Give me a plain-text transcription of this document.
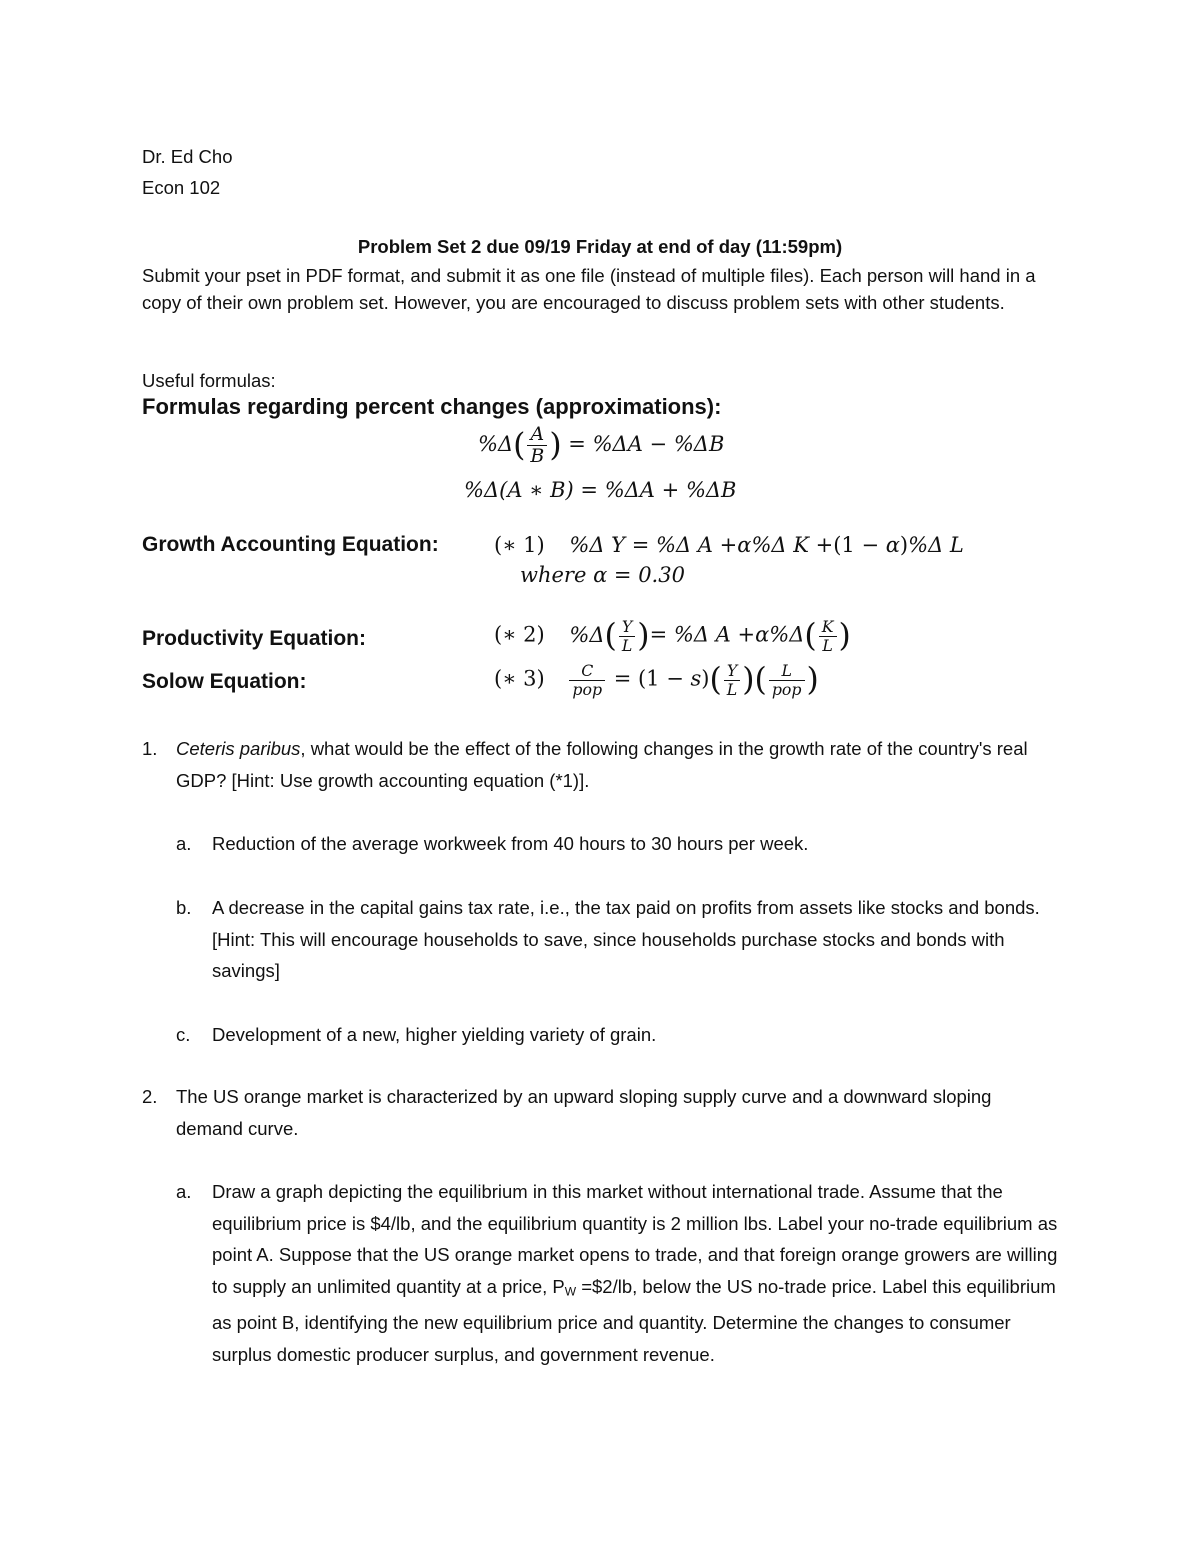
Dr. Ed Cho
Econ 102
Problem Set 2 due 09/19 Friday at end of day (11:59pm)
Submit your pset in PDF format, and submit it as one file (instead of multiple files). Each person will hand in a copy of their own problem set. However, you are encouraged to discuss problem sets with other students.
Useful formulas:
Formulas regarding percent changes (approximations):
$\%\Delta( \frac{A}{B}$ ) = %ΔA − %ΔB
%Δ(A ∗ B) = %ΔA + %ΔB
Growth Accounting Equation:	(∗ 1) %Δ Y = %Δ A +α%Δ K +(1 − α)%Δ L
where α = 0.30
Productivity Equation:	(∗ 2) $\%\Delta( \frac{Y}{L}$ )= %Δ $A +\alpha\%\Delta( \frac{K}{L}$ )
Solow Equation:	(∗ $3) \frac{C}{\text{pop}} = (1 - s)( \frac{Y}{L}$ )( $\frac{L}{\text{pop}}$ )
1. Ceteris paribus, what would be the effect of the following changes in the growth rate of the country's real GDP? [Hint: Use growth accounting equation (*1)].
a. Reduction of the average workweek from 40 hours to 30 hours per week.
b. A decrease in the capital gains tax rate, i.e., the tax paid on profits from assets like stocks and bonds. [Hint: This will encourage households to save, since households purchase stocks and bonds with savings]
c. Development of a new, higher yielding variety of grain.
2. The US orange market is characterized by an upward sloping supply curve and a downward sloping demand curve.
a. Draw a graph depicting the equilibrium in this market without international trade. Assume that the equilibrium price is $4/lb, and the equilibrium quantity is 2 million lbs. Label your no-trade equilibrium as point A. Suppose that the US orange market opens to trade, and that foreign orange growers are willing to supply an unlimited quantity at a price, PW =$2/lb, below the US no-trade price. Label this equilibrium as point B, identifying the new equilibrium price and quantity. Determine the changes to consumer surplus domestic producer surplus, and government revenue.
